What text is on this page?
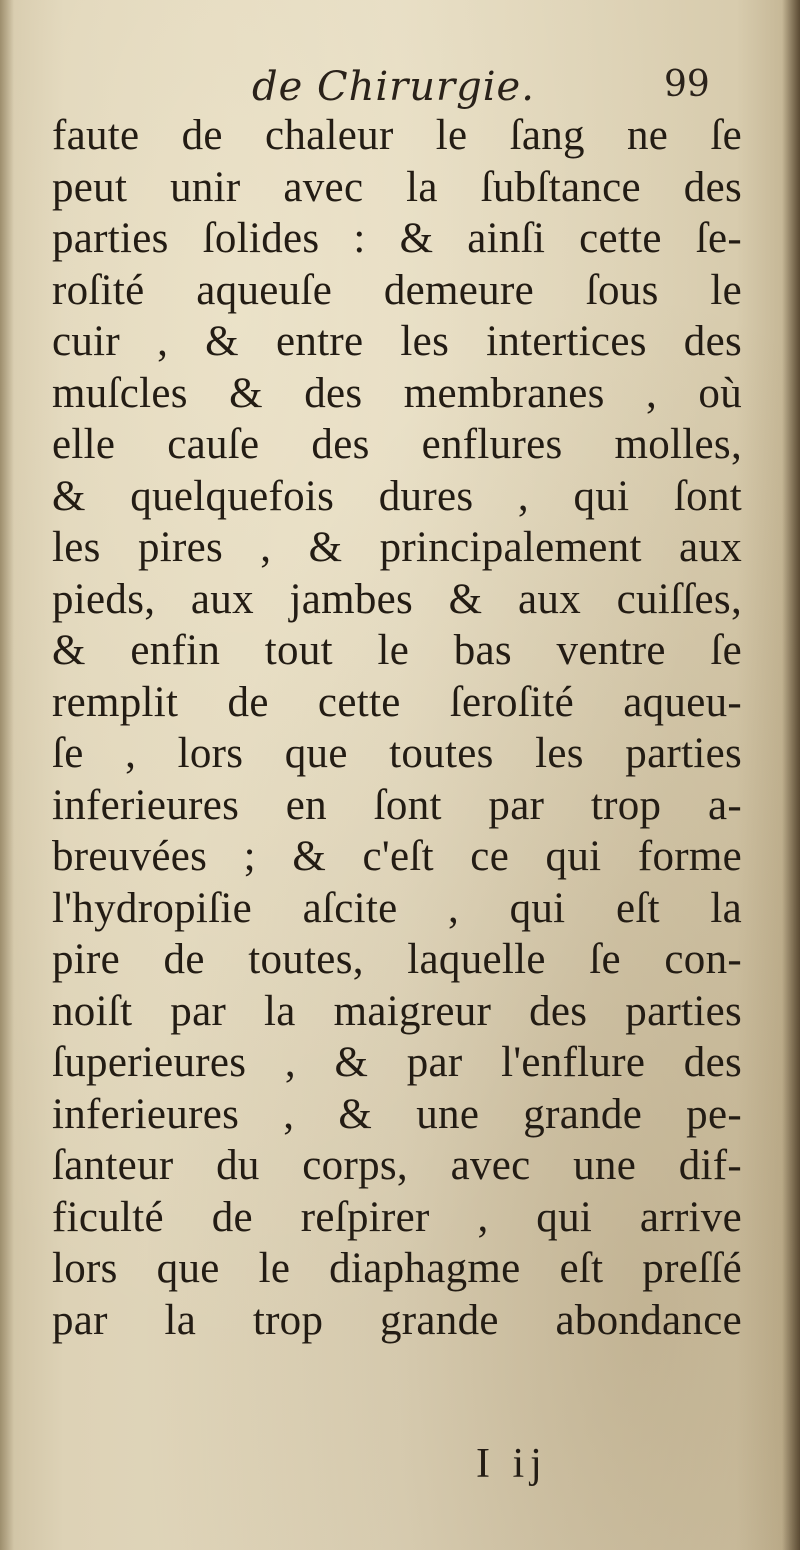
de Chirurgie.	99
faute de chaleur le ſang ne ſe
peut unir avec la ſubſtance des
parties ſolides : & ainſi cette ſe-
roſité aqueuſe demeure ſous le
cuir , & entre les intertices des
muſcles & des membranes , où
elle cauſe des enflures molles,
& quelquefois dures , qui ſont
les pires , & principalement aux
pieds, aux jambes & aux cuiſſes,
& enfin tout le bas ventre ſe
remplit de cette ſeroſité aqueu-
ſe , lors que toutes les parties
inferieures en ſont par trop a-
breuvées ; & c'eſt ce qui forme
l'hydropiſie aſcite , qui eſt la
pire de toutes, laquelle ſe con-
noiſt par la maigreur des parties
ſuperieures , & par l'enflure des
inferieures , & une grande pe-
ſanteur du corps, avec une dif-
ficulté de reſpirer , qui arrive
lors que le diaphagme eſt preſſé
par la trop grande abondance
I ij
